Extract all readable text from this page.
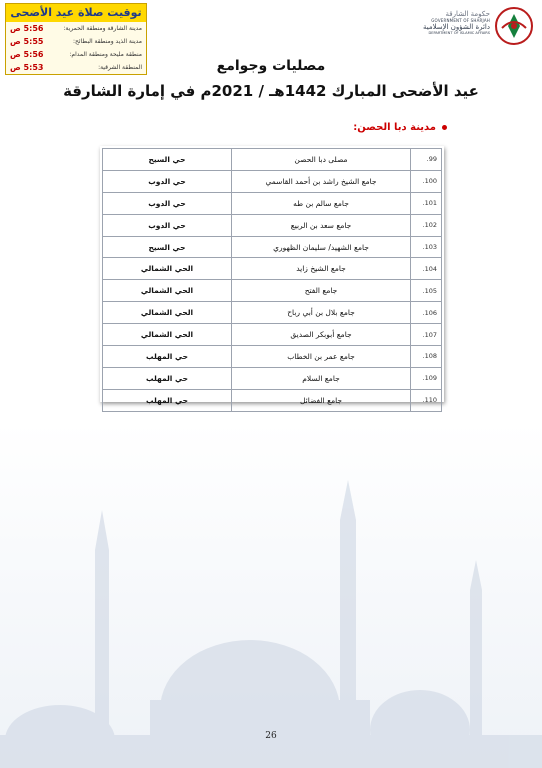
توقيت صلاة عيد الأضحى
مدينة الشارقة ومنطقة الحمرية:
5:56 ص
مدينة الذيد ومنطقة البطائح:
5:55 ص
منطقة مليحة ومنطقة المدام:
5:56 ص
المنطقة الشرقية:
5:53 ص
حكومة الشارقة
GOVERNMENT OF SHARJAH
دائرة الشؤون الإسلامية
DEPARTMENT OF ISLAMIC AFFAIRS
مصليات وجوامع
عيد الأضحى المبارك 1442هـ / 2021م في إمارة الشارقة
مدينة دبا الحصن:
99.	مصلى دبا الحصن	حي السيح
100.	جامع الشيخ راشد بن أحمد القاسمي	حي الدوب
101.	جامع سالم بن طه	حي الدوب
102.	جامع سعد بن الربيع	حي الدوب
103.	جامع الشهيد/ سليمان الظهوري	حي السيح
104.	جامع الشيخ زايد	الحي الشمالي
105.	جامع الفتح	الحي الشمالي
106.	جامع بلال بن أبي رباح	الحي الشمالي
107.	جامع أبوبكر الصديق	الحي الشمالي
108.	جامع عمر بن الخطاب	حي المهلب
109.	جامع السلام	حي المهلب
110.	جامع الفضائل	حي المهلب
26
